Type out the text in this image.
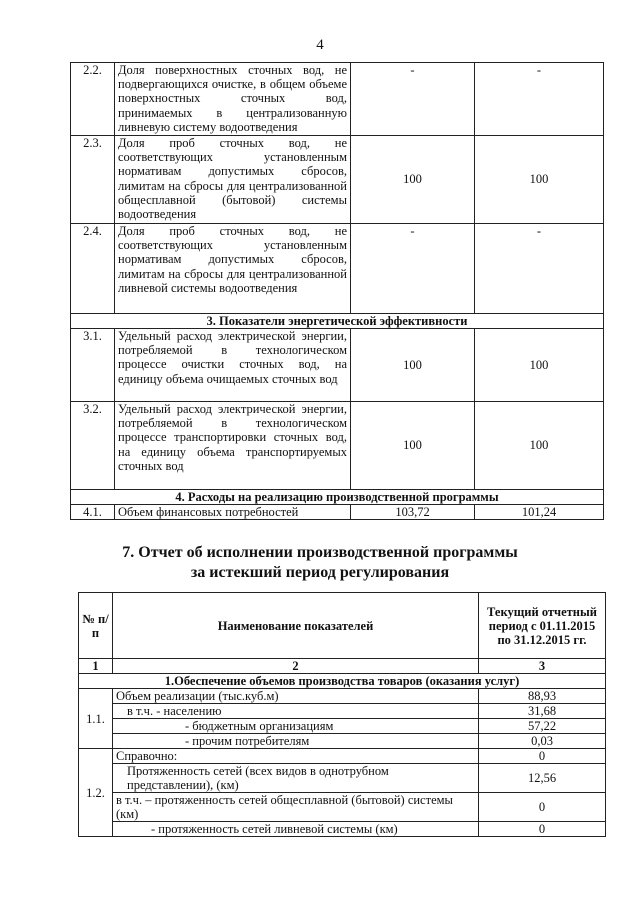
4
2.2.	Доля поверхностных сточных вод, не подвергающихся очистке, в общем объеме поверхностных сточных вод, принимаемых в централизованную ливневую систему водоотведения	-	-
2.3.	Доля проб сточных вод, не соответствующих установленным нормативам допустимых сбросов, лимитам на сбросы для централизованной общесплавной (бытовой) системы водоотведения	100	100
2.4.	Доля проб сточных вод, не соответствующих установленным нормативам допустимых сбросов, лимитам на сбросы для централизованной ливневой системы водоотведения	-	-
3. Показатели энергетической эффективности			
3.1.	Удельный расход электрической энергии, потребляемой в технологическом процессе очистки сточных вод, на единицу объема очищаемых сточных вод	100	100
3.2.	Удельный расход электрической энергии, потребляемой в технологическом процессе транспортировки сточных вод, на единицу объема транспортируемых сточных вод	100	100
4. Расходы на реализацию производственной программы			
4.1.	Объем финансовых потребностей	103,72	101,24
7. Отчет об исполнении производственной программы
за истекший период регулирования
№ п/п	Наименование показателей	Текущий отчетный период с 01.11.2015 по 31.12.2015 гг.
1	2	3
1.Обеспечение объемов производства товаров (оказания услуг)		
1.1.	Объем реализации (тыс.куб.м)	88,93
	в т.ч. - населению	31,68
	- бюджетным организациям	57,22
	- прочим потребителям	0,03
1.2.	Справочно:	0
	Протяженность сетей (всех видов в однотрубном представлении), (км)	12,56
	в т.ч. – протяженность сетей общесплавной (бытовой) системы (км)	0
	- протяженность сетей ливневой системы (км)	0
